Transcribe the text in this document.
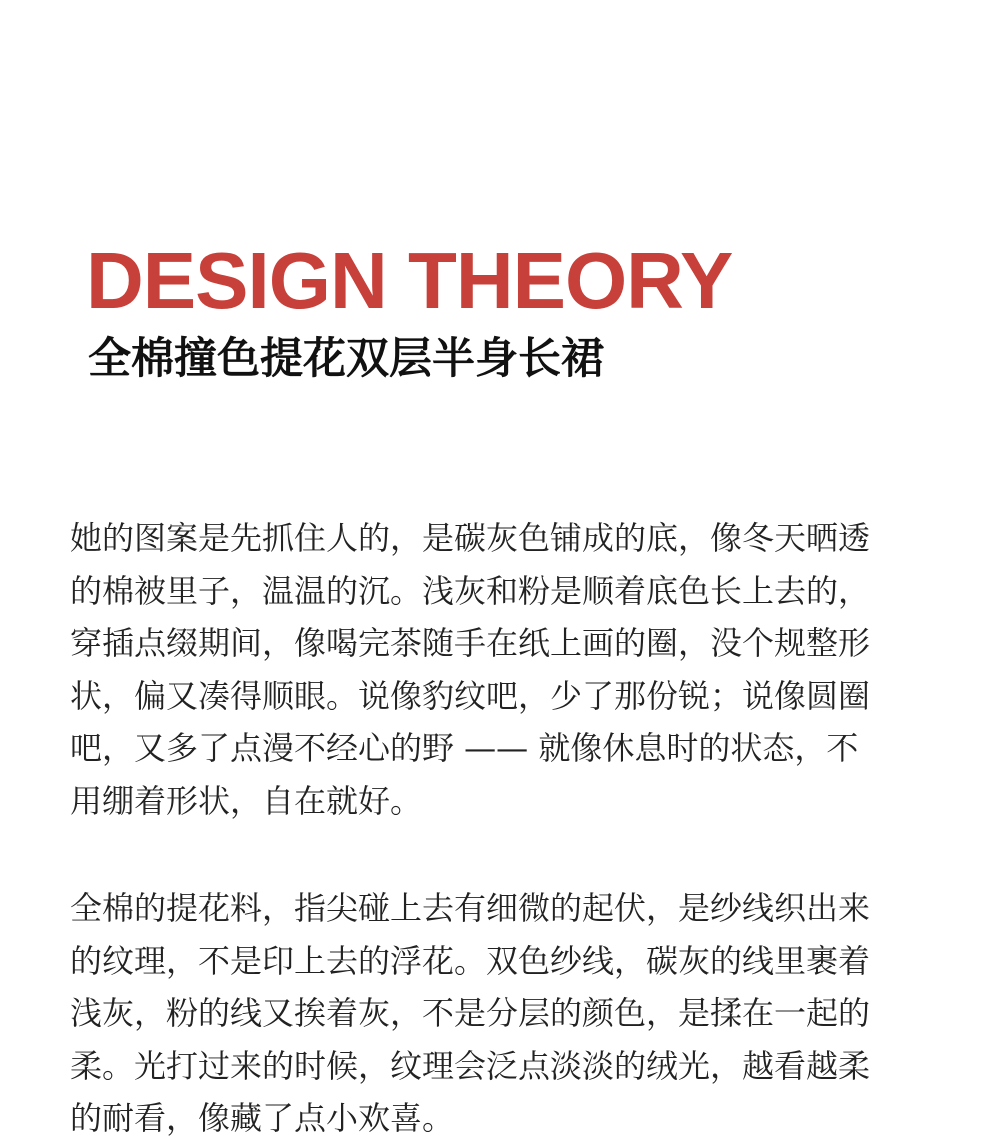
DESIGN THEORY
全棉撞色提花双层半身长裙

她的图案是先抓住人的，是碳灰色铺成的底，像冬天晒透
的棉被里子，温温的沉。浅灰和粉是顺着底色长上去的，
穿插点缀期间，像喝完茶随手在纸上画的圈，没个规整形
状，偏又凑得顺眼。说像豹纹吧，少了那份锐；说像圆圈
吧，又多了点漫不经心的野 —— 就像休息时的状态，不
用绷着形状，自在就好。

全棉的提花料，指尖碰上去有细微的起伏，是纱线织出来
的纹理，不是印上去的浮花。双色纱线，碳灰的线里裹着
浅灰，粉的线又挨着灰，不是分层的颜色，是揉在一起的
柔。光打过来的时候，纹理会泛点淡淡的绒光，越看越柔
的耐看，像藏了点小欢喜。
